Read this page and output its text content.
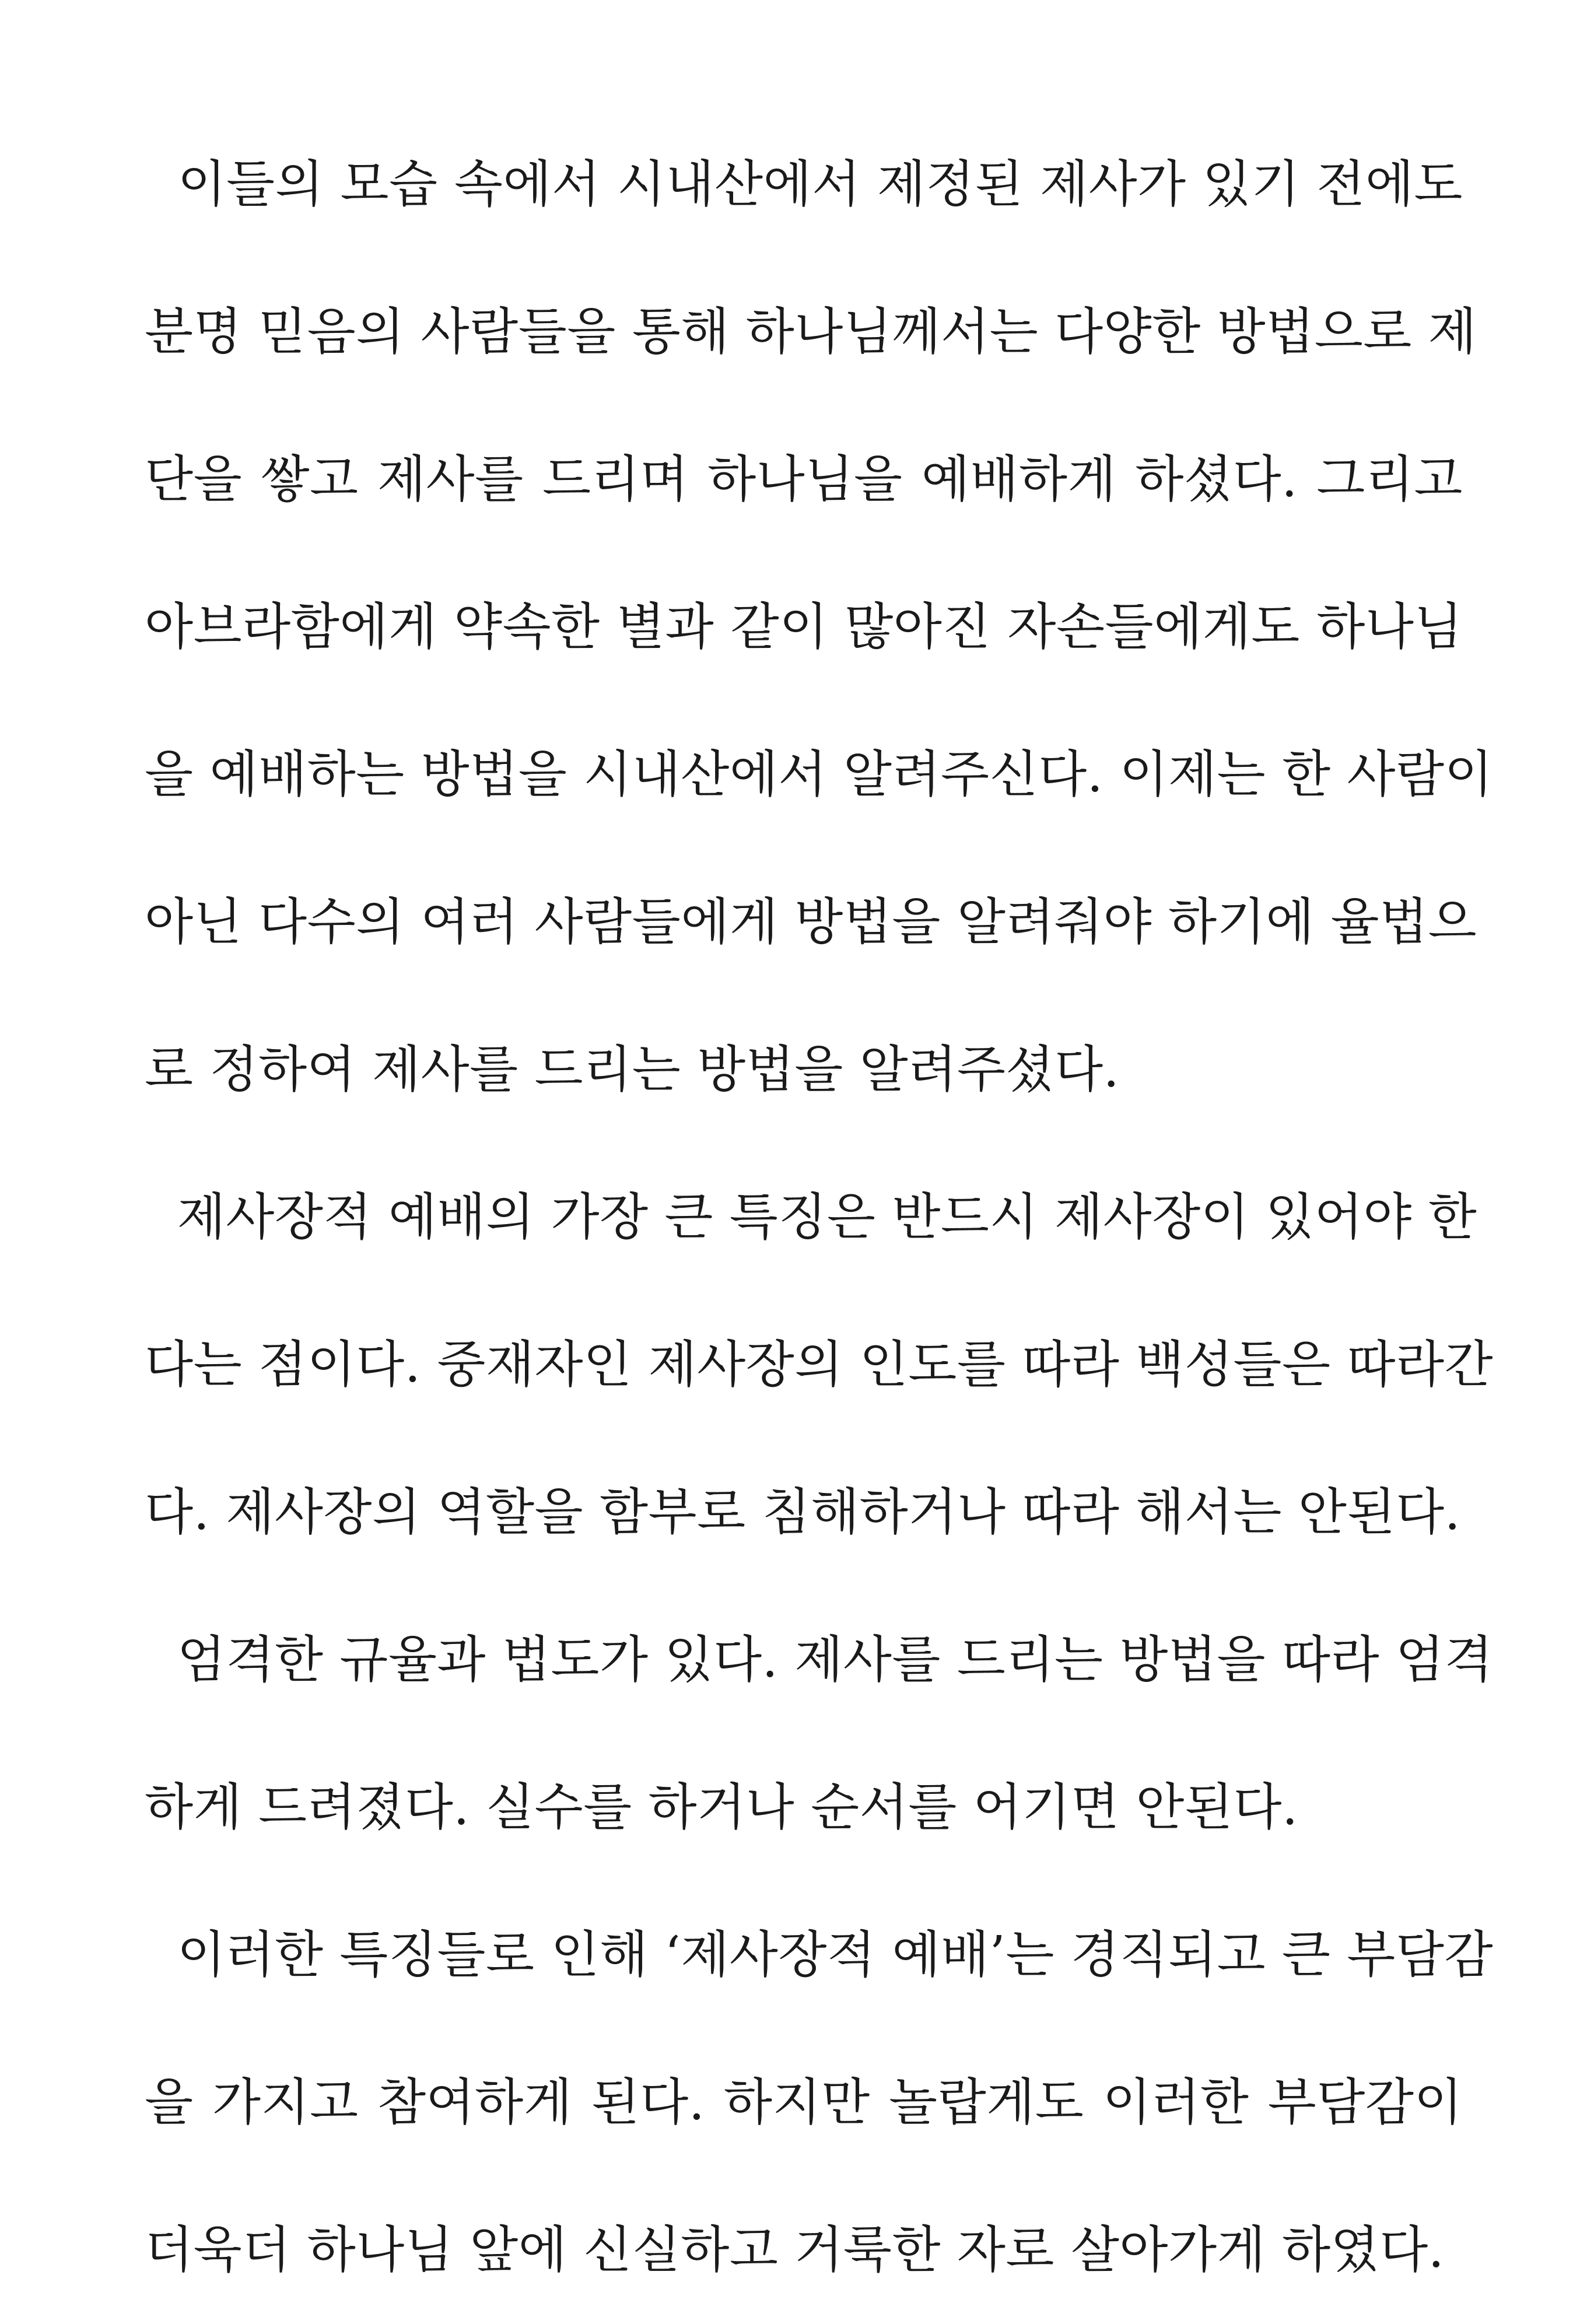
이들의 모습 속에서 시내산에서 제정된 제사가 있기 전에도
분명 믿음의 사람들을 통해 하나님께서는 다양한 방법으로 제
단을 쌓고 제사를 드리며 하나님을 예배하게 하셨다. 그리고
아브라함에게 약속한 별과 같이 많아진 자손들에게도 하나님
을 예배하는 방법을 시내산에서 알려주신다. 이제는 한 사람이
아닌 다수의 여러 사람들에게 방법을 알려줘야 하기에 율법으
로 정하여 제사를 드리는 방법을 알려주셨다.
제사장적 예배의 가장 큰 특징은 반드시 제사장이 있어야 한
다는 점이다. 중재자인 제사장의 인도를 따라 백성들은 따라간
다. 제사장의 역할을 함부로 침해하거나 따라 해서는 안된다.
엄격한 규율과 법도가 있다. 제사를 드리는 방법을 따라 엄격
하게 드려졌다. 실수를 하거나 순서를 어기면 안된다.
이러한 특징들로 인해 ‘제사장적 예배’는 경직되고 큰 부담감
을 가지고 참여하게 된다. 하지만 놀랍게도 이러한 부담감이
더욱더 하나님 앞에 신실하고 거룩한 자로 살아가게 하였다.
